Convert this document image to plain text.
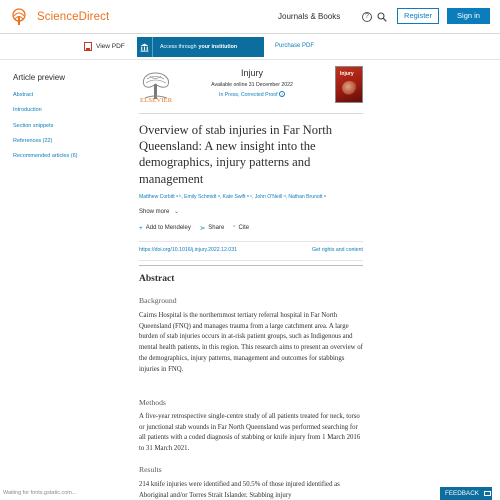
ScienceDirect	Journals & Books	?	Register	Sign in
View PDF	Access through your institution	Purchase PDF
Article preview
Abstract
Introduction
Section snippets
References (22)
Recommended articles (6)
ELSEVIER
Injury
Available online 31 December 2022
In Press, Corrected Proof ?
Injury
Overview of stab injuries in Far North Queensland: A new insight into the demographics, injury patterns and management
Matthew Corbitt ᵃ ᵇ, Emily Schmidt ᵃ, Kate Swift ᵃ ᶜ, John O'Neill ᵈ, Nathan Brunott ᵃ
Show more ⌄
+ Add to Mendeley ⋗ Share ” Cite
https://doi.org/10.1016/j.injury.2022.12.031	Get rights and content
Abstract
Background

Cairns Hospital is the northernmost tertiary referral hospital in Far North Queensland (FNQ) and manages trauma from a large catchment area. A large burden of stab injuries occurs in at-risk patient groups, such as Indigenous and mental health patients, in this region. This research aims to present an overview of the demographics, injury patterns, management and outcomes for stabbings injuries in FNQ.

Methods

A five-year retrospective single-centre study of all patients treated for neck, torso or junctional stab wounds in Far North Queensland was performed searching for all patients with a coded diagnosis of stabbing or knife injury from 1 March 2016 to 31 March 2021.

Results

214 knife injuries were identified and 50.5% of those injured identified as Aboriginal and/or Torres Strait Islander. Stabbing injury

Waiting for fonts.gstatic.com...	FEEDBACK
